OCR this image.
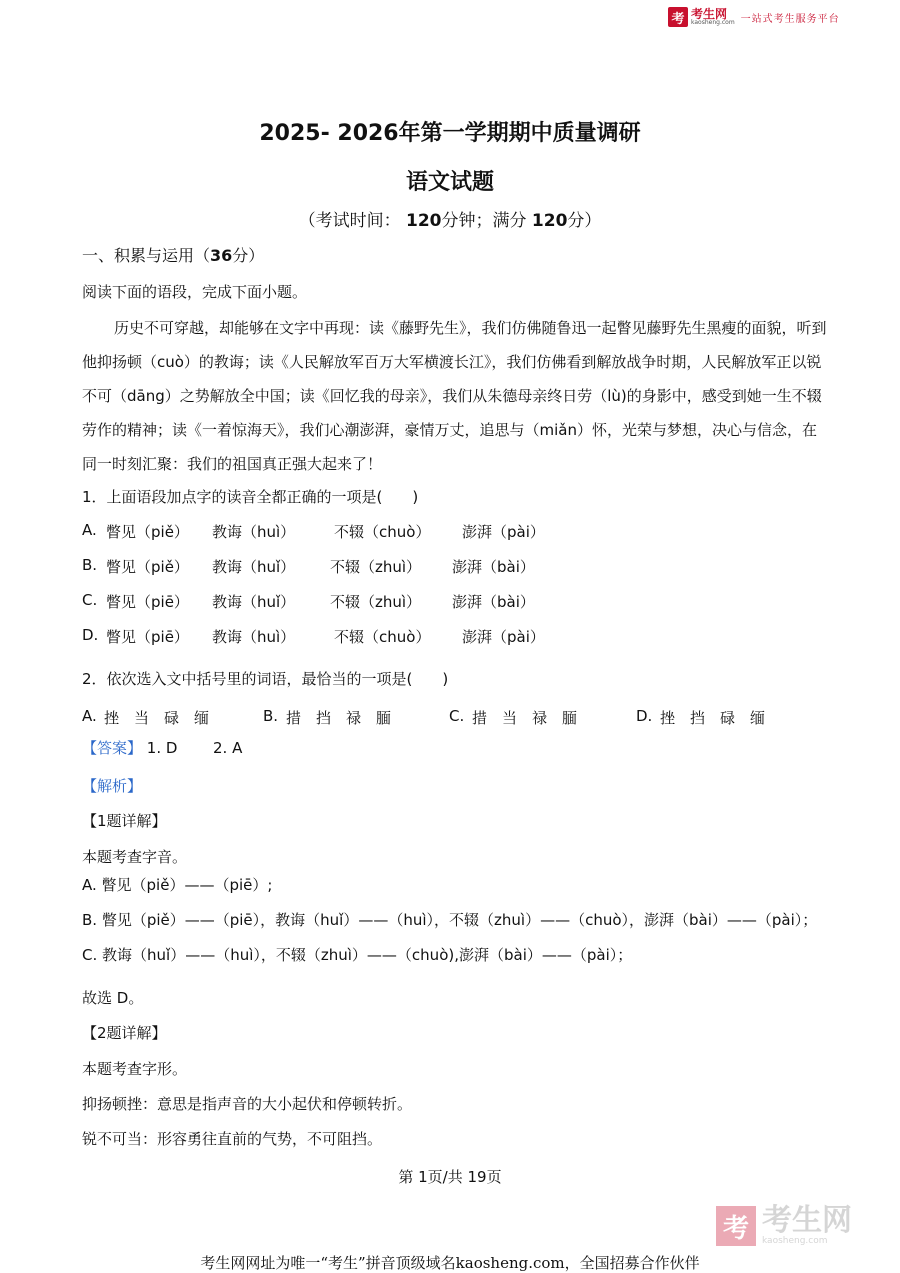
考 考生网
kaosheng.com 一站式考生服务平台
2025- 2026年第一学期期中质量调研
语文试题
（考试时间： 120分钟；满分 120分）
一、积累与运用（36分）
阅读下面的语段，完成下面小题。
历史不可穿越，却能够在文字中再现：读《藤野先生》，我们仿佛随鲁迅一起瞥见藤野先生黑瘦的面貌，听到他抑扬顿（cuò）的教诲；读《人民解放军百万大军横渡长江》，我们仿佛看到解放战争时期，人民解放军正以锐不可（dāng）之势解放全中国；读《回忆我的母亲》，我们从朱德母亲终日劳（lù)的身影中，感受到她一生不辍劳作的精神；读《一着惊海天》，我们心潮澎湃，豪情万丈，追思与（miǎn）怀，光荣与梦想，决心与信念，在同一时刻汇聚：我们的祖国真正强大起来了！
1．上面语段加点字的读音全都正确的一项是(　　)
A. 瞥见（piě） 教诲（huì）	不辍（chuò） 澎湃（pài）
B. 瞥见（piě） 教诲（huǐ） 不辍（zhuì） 澎湃（bài）
C. 瞥见（piē） 教诲（huǐ） 不辍（zhuì） 澎湃（bài）
D. 瞥见（piē） 教诲（huì）	不辍（chuò） 澎湃（pài）
2．依次选入文中括号里的词语，最恰当的一项是(　　)
A. 挫　当　碌　缅	B. 措　挡　禄　腼	C. 措　当　禄　腼	D. 挫　挡　碌　缅
【答案】 1. D 2. A
【解析】
【1题详解】
本题考查字音。
A. 瞥见（piě）——（piē）;
B. 瞥见（piě）——（piē），教诲（huǐ）——（huì），不辍（zhuì）——（chuò），澎湃（bài）——（pài）；
C. 教诲（huǐ）——（huì），不辍（zhuì）——（chuò),澎湃（bài）——（pài）；
故选 D。
【2题详解】
本题考查字形。
抑扬顿挫：意思是指声音的大小起伏和停顿转折。
锐不可当：形容勇往直前的气势，不可阻挡。
第 1页/共 19页
考 考生网
kaosheng.com
考生网网址为唯一“考生”拼音顶级域名kaosheng.com，全国招募合作伙伴
